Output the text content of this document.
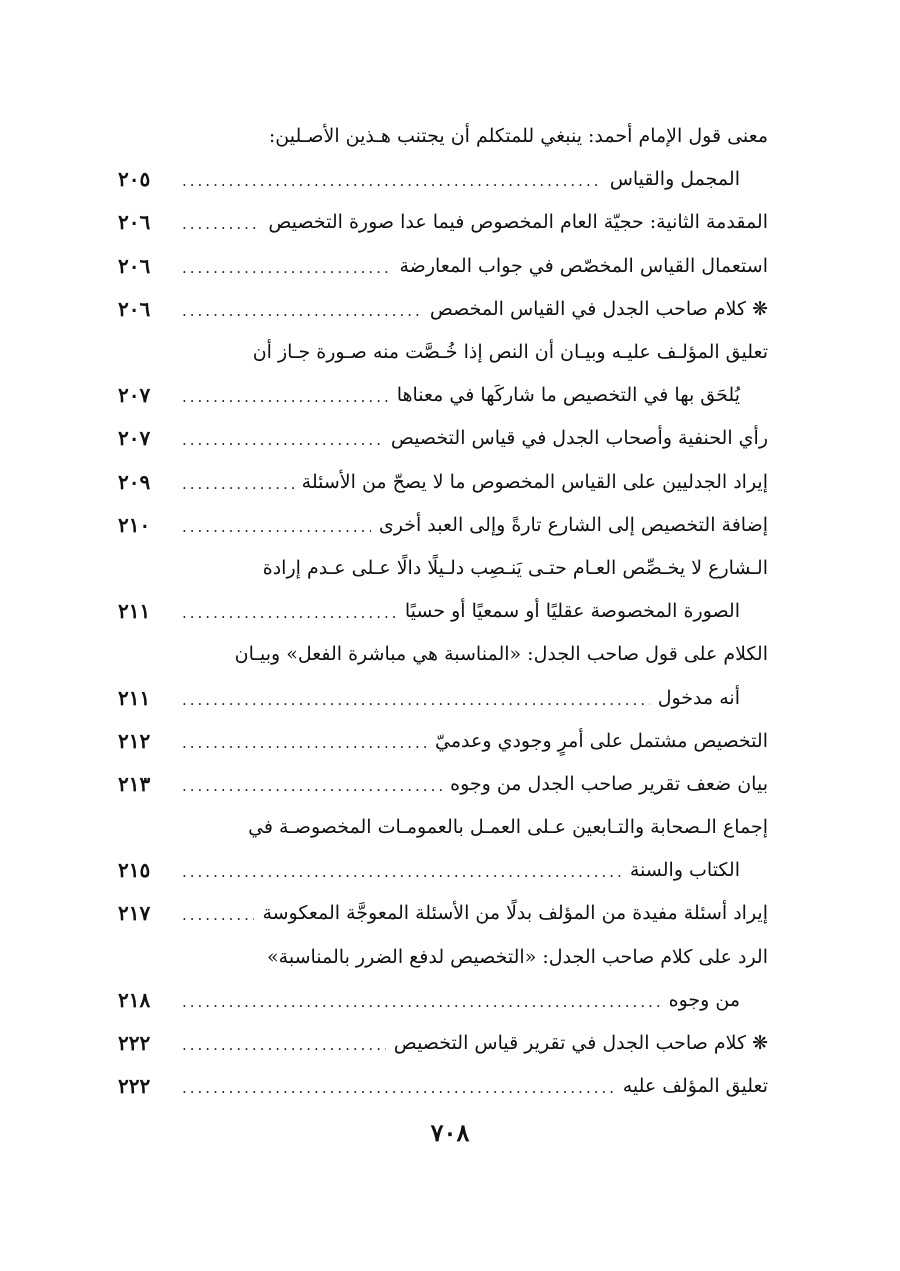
معنى قول الإمام أحمد: ينبغي للمتكلم أن يجتنب هـذين الأصـلين:
المجمل والقياس
.....
٢٠٥
المقدمة الثانية: حجيّة العام المخصوص فيما عدا صورة التخصيص
.....
٢٠٦
استعمال القياس المخصّص في جواب المعارضة
.....
٢٠٦
❋ كلام صاحب الجدل في القياس المخصص
.....
٢٠٦
تعليق المؤلـف عليـه وبيـان أن النص إذا خُـصَّت منه صـورة جـاز أن
يُلحَق بها في التخصيص ما شاركَها في معناها
.....
٢٠٧
رأي الحنفية وأصحاب الجدل في قياس التخصيص
.....
٢٠٧
إيراد الجدليين على القياس المخصوص ما لا يصحّ من الأسئلة
.....
٢٠٩
إضافة التخصيص إلى الشارع تارةً وإلى العبد أخرى
.....
٢١٠
الـشارع لا يخـصِّص العـام حتـى يَنـصِب دلـيلًا دالًا عـلى عـدم إرادة
الصورة المخصوصة عقليًا أو سمعيًا أو حسيًا
.....
٢١١
الكلام على قول صاحب الجدل: «المناسبة هي مباشرة الفعل» وبيـان
أنه مدخول
.....
٢١١
التخصيص مشتمل على أمرٍ وجودي وعدميّ
.....
٢١٢
بيان ضعف تقرير صاحب الجدل من وجوه
.....
٢١٣
إجماع الـصحابة والتـابعين عـلى العمـل بالعمومـات المخصوصـة في
الكتاب والسنة
.....
٢١٥
إيراد أسئلة مفيدة من المؤلف بدلًا من الأسئلة المعوجَّة المعكوسة
.....
٢١٧
الرد على كلام صاحب الجدل: «التخصيص لدفع الضرر بالمناسبة»
من وجوه
.....
٢١٨
❋ كلام صاحب الجدل في تقرير قياس التخصيص
.....
٢٢٢
تعليق المؤلف عليه
.....
٢٢٢
٧٠٨
